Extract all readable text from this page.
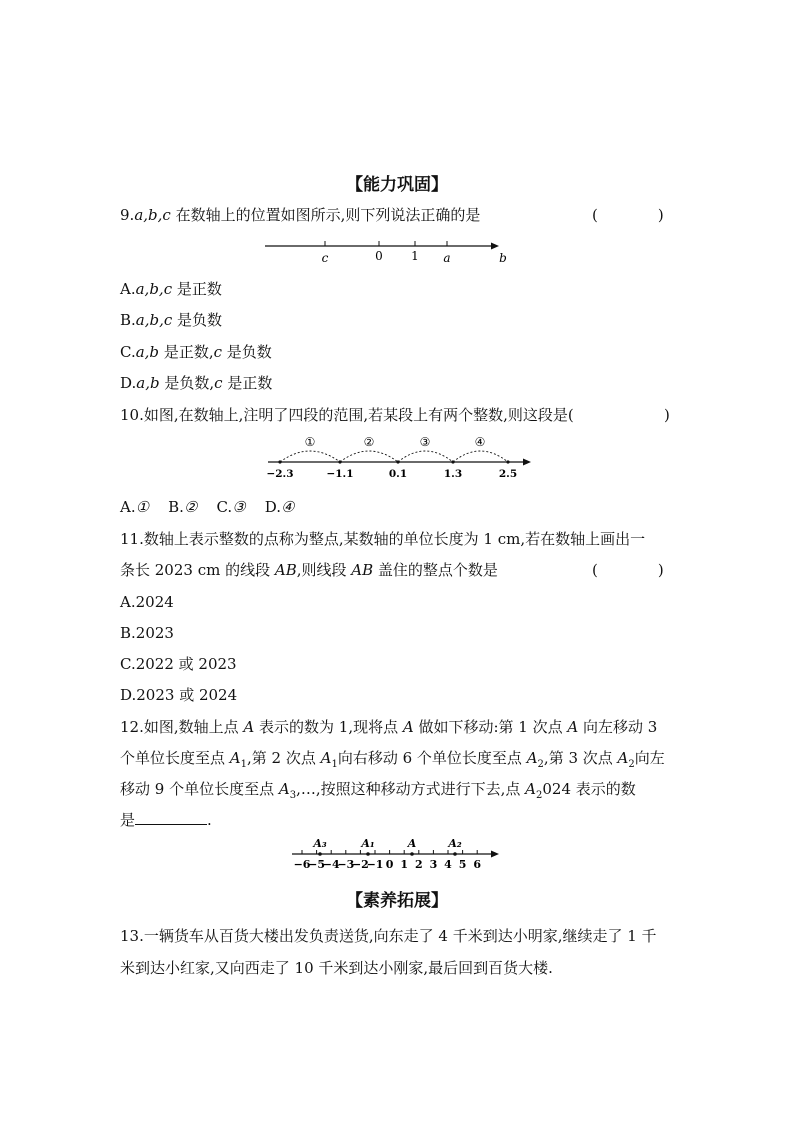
【能力巩固】
9.a,b,c 在数轴上的位置如图所示,则下列说法正确的是	(　　　　)
c	0 1 a	b
A.a,b,c 是正数
B.a,b,c 是负数
C.a,b 是正数,c 是负数
D.a,b 是负数,c 是正数
10.如图,在数轴上,注明了四段的范围,若某段上有两个整数,则这段是(	)
①	②	③	④
−2.3	−1.1	0.1	1.3	2.5
A.① B.② C.③ D.④
11.数轴上表示整数的点称为整点,某数轴的单位长度为 1 cm,若在数轴上画出一
条长 2023 cm 的线段 AB,则线段 AB 盖住的整点个数是	(　　　　)
A.2024
B.2023
C.2022 或 2023
D.2023 或 2024
12.如图,数轴上点 A 表示的数为 1,现将点 A 做如下移动:第 1 次点 A 向左移动 3
个单位长度至点 $A_1$,第 2 次点 $A_1$向右移动 6 个单位长度至点 $A_2$,第 3 次点 $A_2$向左
移动 9 个单位长度至点 $A_3,\dots$,按照这种移动方式进行下去,点 $A_2024$ 表示的数
是	.
A₃	A₁	A	A₂
−6
−5
−4
−3
−2
−1 0 1 2 3 4 5 6
【素养拓展】
13.一辆货车从百货大楼出发负责送货,向东走了 4 千米到达小明家,继续走了 1 千
米到达小红家,又向西走了 10 千米到达小刚家,最后回到百货大楼.
